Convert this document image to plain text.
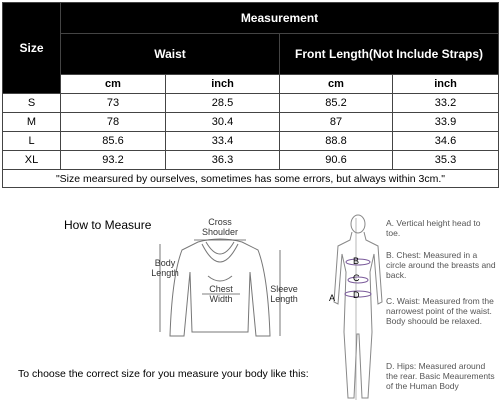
Size	Measurement			
	Waist		Front Length(Not Include Straps)	
	cm	inch	cm	inch
S	73	28.5	85.2	33.2
M	78	30.4	87	33.9
L	85.6	33.4	88.8	34.6
XL	93.2	36.3	90.6	35.3
"Size mearsured by ourselves, sometimes has some errors, but always within 3cm."				
How to Measure	Cross Shoulder
Body Length
Chest Width
Sleeve Length
To choose the correct size for you measure your body like this:
A
B
C
D
A. Vertical height head to toe.
B. Chest: Measured in a circle around the breasts and back.
C. Waist: Measured from the narrowest point of the waist. Body shoould be relaxed.
D. Hips: Measured around the rear. Basic Meaurements of the Human Body
